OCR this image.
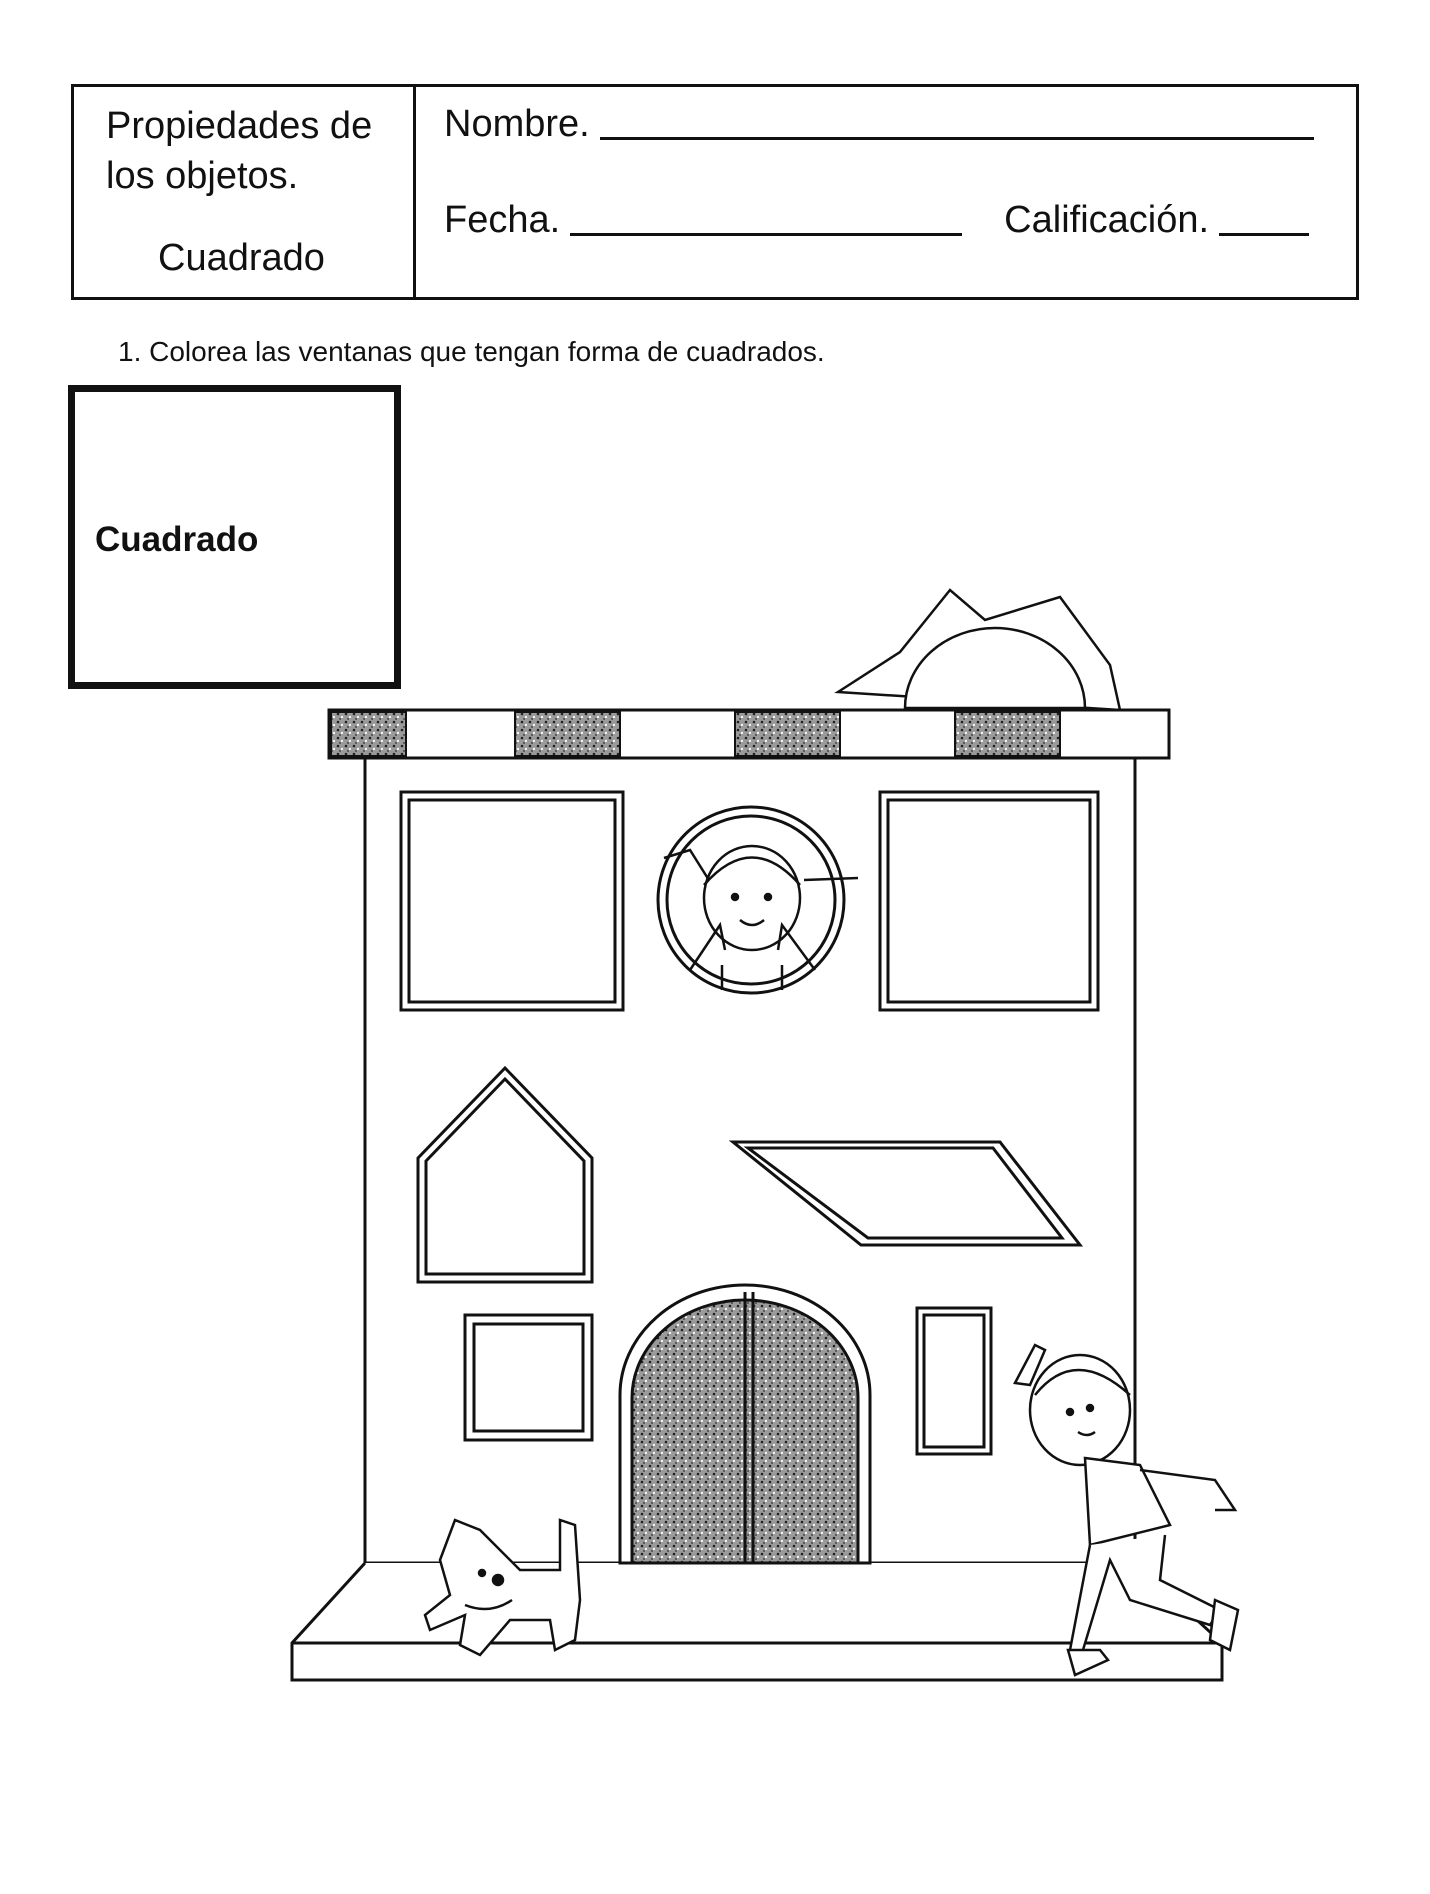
Propiedades de
los objetos.
Cuadrado
Nombre.
Fecha.	Calificación.
1. Colorea las ventanas que tengan forma de cuadrados.
Cuadrado
